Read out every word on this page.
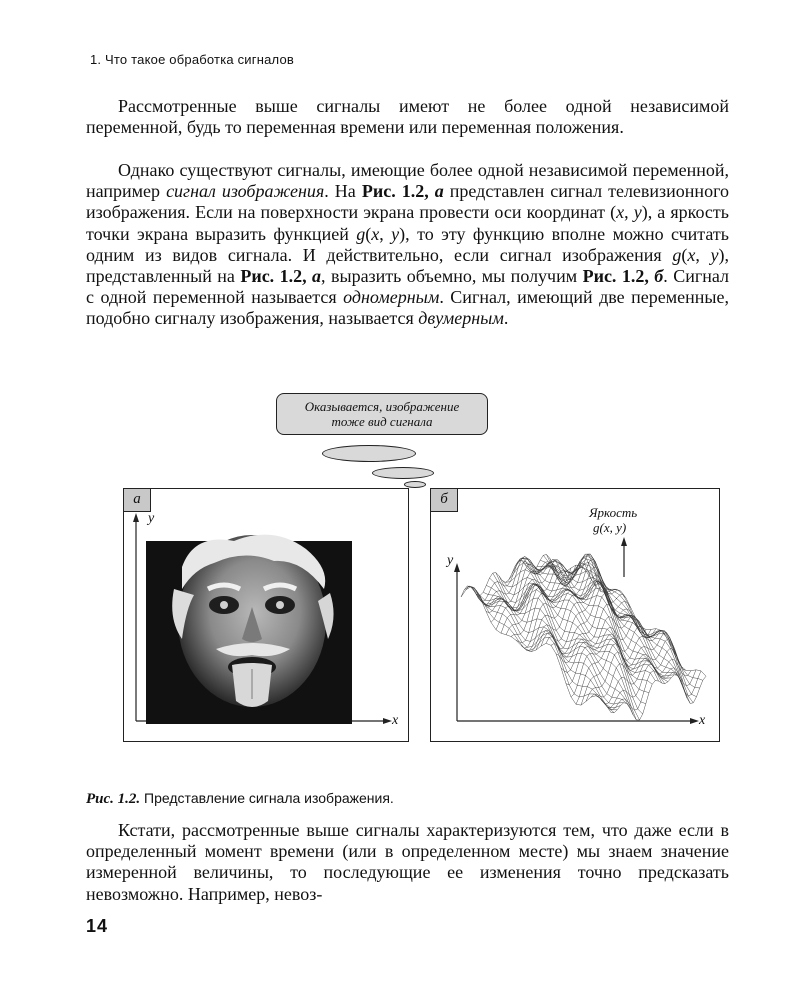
1. Что такое обработка сигналов

Рассмотренные выше сигналы имеют не более одной независимой переменной, будь то переменная времени или переменная положения.

Однако существуют сигналы, имеющие более одной независимой переменной, например сигнал изображения. На Рис. 1.2, а представлен сигнал телевизионного изображения. Если на поверхности экрана провести оси координат (x, y), а яркость точки экрана выразить функцией g(x, y), то эту функцию вполне можно считать одним из видов сигнала. И действительно, если сигнал изображения g(x, y), представленный на Рис. 1.2, а, выразить объемно, мы получим Рис. 1.2, б. Сигнал с одной переменной называется одномерным. Сигнал, имеющий две переменные, подобно сигналу изображения, называется двумерным.

Оказывается, изображение
тоже вид сигнала
а
y
x
б
y
x
Яркость
g(x, y)
Рис. 1.2. Представление сигнала изображения.

Кстати, рассмотренные выше сигналы характеризуются тем, что даже если в определенный момент времени (или в определенном месте) мы знаем значение измеренной величины, то последующие ее изменения точно предсказать невозможно. Например, невоз-

14
